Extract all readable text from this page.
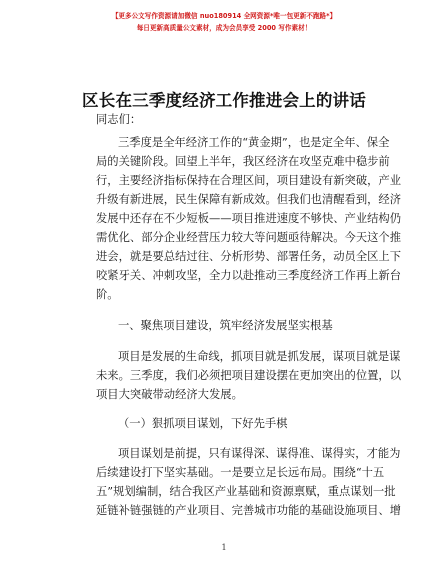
【更多公文写作资源请加微信 nuo180914 全网资源*唯一包更新不跑路*】
每日更新高质量公文素材，成为会员享受 2000 写作素材！
区长在三季度经济工作推进会上的讲话
同志们：
三季度是全年经济工作的“黄金期”，也是定全年、保全
局的关键阶段。回望上半年，我区经济在攻坚克难中稳步前
行，主要经济指标保持在合理区间，项目建设有新突破，产业
升级有新进展，民生保障有新成效。但我们也清醒看到，经济
发展中还存在不少短板——项目推进速度不够快、产业结构仍
需优化、部分企业经营压力较大等问题亟待解决。今天这个推
进会，就是要总结过往、分析形势、部署任务，动员全区上下
咬紧牙关、冲刺攻坚，全力以赴推动三季度经济工作再上新台
阶。
一、聚焦项目建设，筑牢经济发展坚实根基
项目是发展的生命线，抓项目就是抓发展，谋项目就是谋
未来。三季度，我们必须把项目建设摆在更加突出的位置，以
项目大突破带动经济大发展。
（一）狠抓项目谋划，下好先手棋
项目谋划是前提，只有谋得深、谋得准、谋得实，才能为
后续建设打下坚实基础。一是要立足长远布局。围绕“十五
五”规划编制，结合我区产业基础和资源禀赋，重点谋划一批
延链补链强链的产业项目、完善城市功能的基础设施项目、增
1
